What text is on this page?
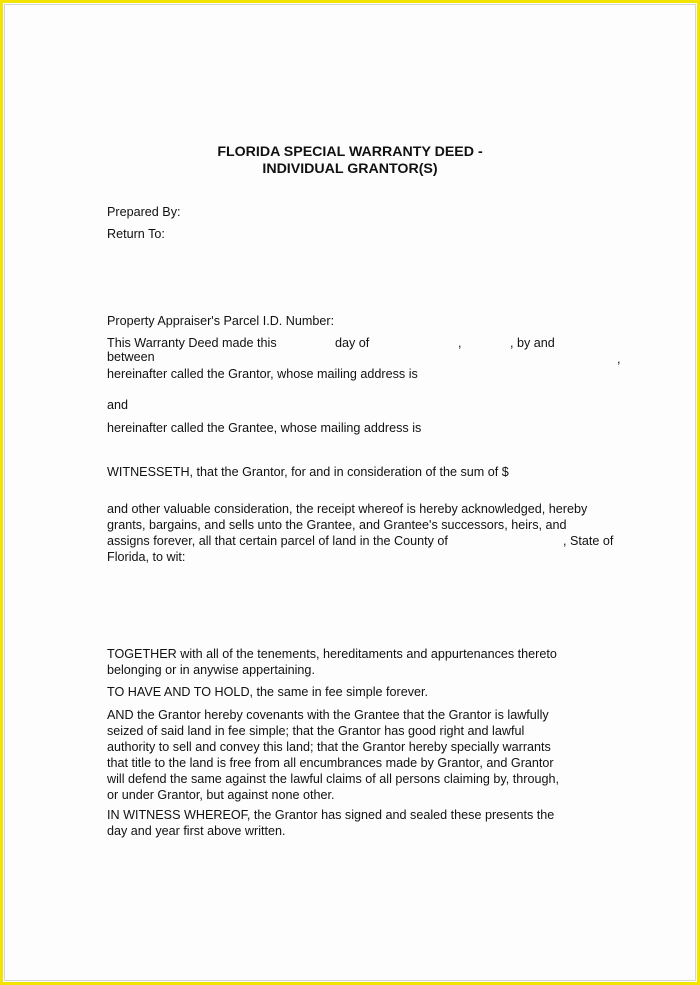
FLORIDA SPECIAL WARRANTY DEED -
INDIVIDUAL GRANTOR(S)
Prepared By:
Return To:
Property Appraiser's Parcel I.D. Number:
This Warranty Deed made this	day of	,	, by and
between	,
hereinafter called the Grantor, whose mailing address is
and
hereinafter called the Grantee, whose mailing address is
WITNESSETH, that the Grantor, for and in consideration of the sum of $
and other valuable consideration, the receipt whereof is hereby acknowledged, hereby
grants, bargains, and sells unto the Grantee, and Grantee's successors, heirs, and
assigns forever, all that certain parcel of land in the County of	, State of
Florida, to wit:
TOGETHER with all of the tenements, hereditaments and appurtenances thereto
belonging or in anywise appertaining.
TO HAVE AND TO HOLD, the same in fee simple forever.
AND the Grantor hereby covenants with the Grantee that the Grantor is lawfully
seized of said land in fee simple; that the Grantor has good right and lawful
authority to sell and convey this land; that the Grantor hereby specially warrants
that title to the land is free from all encumbrances made by Grantor, and Grantor
will defend the same against the lawful claims of all persons claiming by, through,
or under Grantor, but against none other.
IN WITNESS WHEREOF, the Grantor has signed and sealed these presents the
day and year first above written.
